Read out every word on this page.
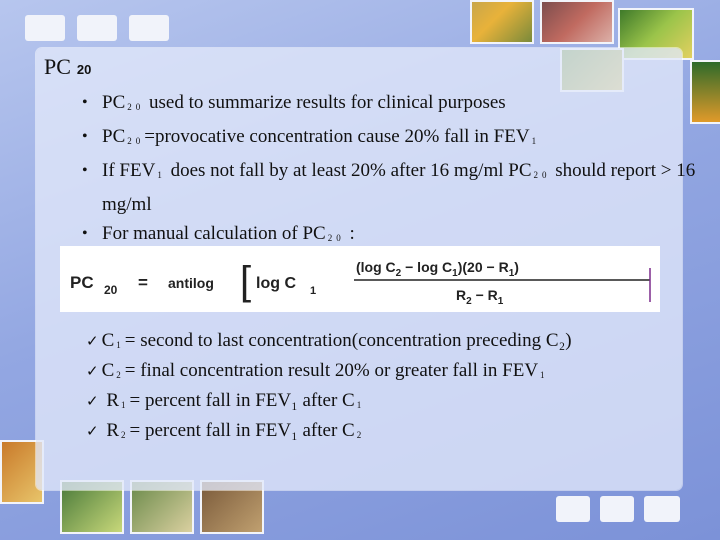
PC 20
• PC 20 used to summarize results for clinical purposes
• PC 20=provocative concentration cause 20% fall in FEV 1
• If FEV 1 does not fall by at least 20% after 16 mg/ml PC 20 should report > 16 mg/ml
• For manual calculation of PC 20 :
PC 20 = antilog [ log C 1
(log $C_2 - \log C_1)(20 - R_1)$
$R_2 - R_1$
✓ C 1= second to last concentration(concentration preceding C₂)
✓ C 2= final concentration result 20% or greater fall in FEV 1
✓ R 1= percent fall in FEV₁ after C 1
✓ R 2= percent fall in FEV₁ after C 2
